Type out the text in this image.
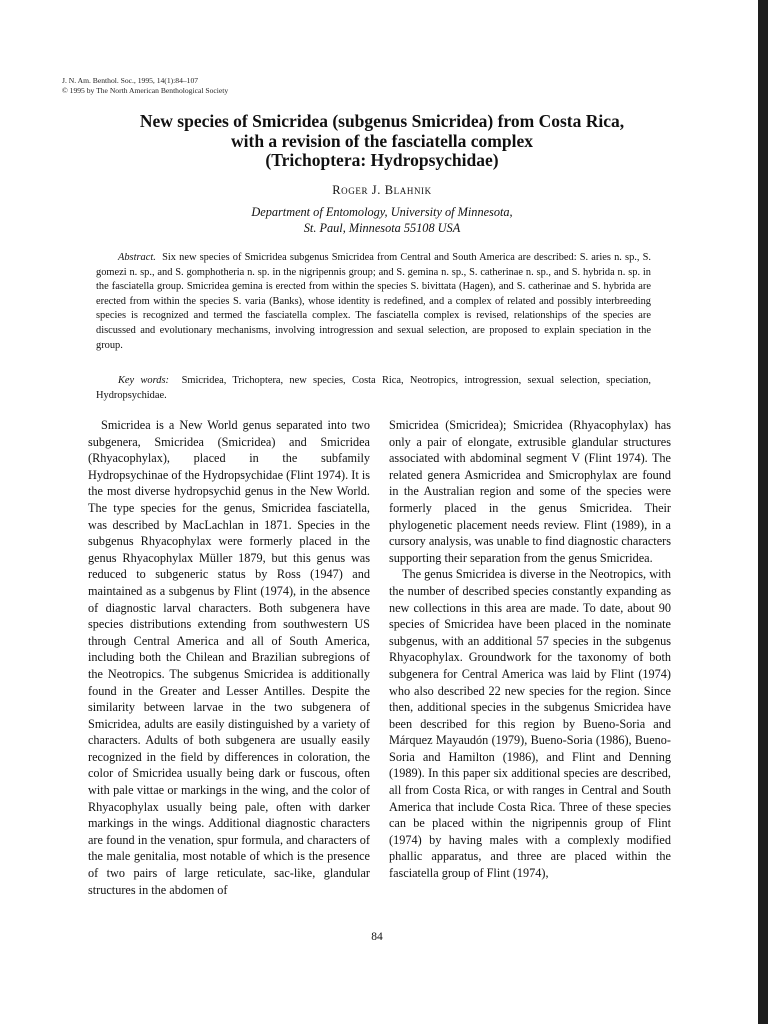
J. N. Am. Benthol. Soc., 1995, 14(1):84–107
© 1995 by The North American Benthological Society
New species of Smicridea (subgenus Smicridea) from Costa Rica,
with a revision of the fasciatella complex
(Trichoptera: Hydropsychidae)
Roger J. Blahnik
Department of Entomology, University of Minnesota,
St. Paul, Minnesota 55108 USA

Abstract. Six new species of Smicridea subgenus Smicridea from Central and South America are described: S. aries n. sp., S. gomezi n. sp., and S. gomphotheria n. sp. in the nigripennis group; and S. gemina n. sp., S. catherinae n. sp., and S. hybrida n. sp. in the fasciatella group. Smicridea gemina is erected from within the species S. bivittata (Hagen), and S. catherinae and S. hybrida are erected from within the species S. varia (Banks), whose identity is redefined, and a complex of related and possibly interbreeding species is recognized and termed the fasciatella complex. The fasciatella complex is revised, relationships of the species are discussed and evolutionary mechanisms, involving introgression and sexual selection, are proposed to explain speciation in the group.

Key words: Smicridea, Trichoptera, new species, Costa Rica, Neotropics, introgression, sexual selection, speciation, Hydropsychidae.

Smicridea is a New World genus separated into two subgenera, Smicridea (Smicridea) and Smicridea (Rhyacophylax), placed in the subfamily Hydropsychinae of the Hydropsychidae (Flint 1974). It is the most diverse hydropsychid genus in the New World. The type species for the genus, Smicridea fasciatella, was described by MacLachlan in 1871. Species in the subgenus Rhyacophylax were formerly placed in the genus Rhyacophylax Müller 1879, but this genus was reduced to subgeneric status by Ross (1947) and maintained as a subgenus by Flint (1974), in the absence of diagnostic larval characters. Both subgenera have species distributions extending from southwestern US through Central America and all of South America, including both the Chilean and Brazilian subregions of the Neotropics. The subgenus Smicridea is additionally found in the Greater and Lesser Antilles. Despite the similarity between larvae in the two subgenera of Smicridea, adults are easily distinguished by a variety of characters. Adults of both subgenera are usually easily recognized in the field by differences in coloration, the color of Smicridea usually being dark or fuscous, often with pale vittae or markings in the wing, and the color of Rhyacophylax usually being pale, often with darker markings in the wings. Additional diagnostic characters are found in the venation, spur formula, and characters of the male genitalia, most notable of which is the presence of two pairs of large reticulate, sac-like, glandular structures in the abdomen of

Smicridea (Smicridea); Smicridea (Rhyacophylax) has only a pair of elongate, extrusible glandular structures associated with abdominal segment V (Flint 1974). The related genera Asmicridea and Smicrophylax are found in the Australian region and some of the species were formerly placed in the genus Smicridea. Their phylogenetic placement needs review. Flint (1989), in a cursory analysis, was unable to find diagnostic characters supporting their separation from the genus Smicridea.

The genus Smicridea is diverse in the Neotropics, with the number of described species constantly expanding as new collections in this area are made. To date, about 90 species of Smicridea have been placed in the nominate subgenus, with an additional 57 species in the subgenus Rhyacophylax. Groundwork for the taxonomy of both subgenera for Central America was laid by Flint (1974) who also described 22 new species for the region. Since then, additional species in the subgenus Smicridea have been described for this region by Bueno-Soria and Márquez Mayaudón (1979), Bueno-Soria (1986), Bueno-Soria and Hamilton (1986), and Flint and Denning (1989). In this paper six additional species are described, all from Costa Rica, or with ranges in Central and South America that include Costa Rica. Three of these species can be placed within the nigripennis group of Flint (1974) by having males with a complexly modified phallic apparatus, and three are placed within the fasciatella group of Flint (1974),

84
